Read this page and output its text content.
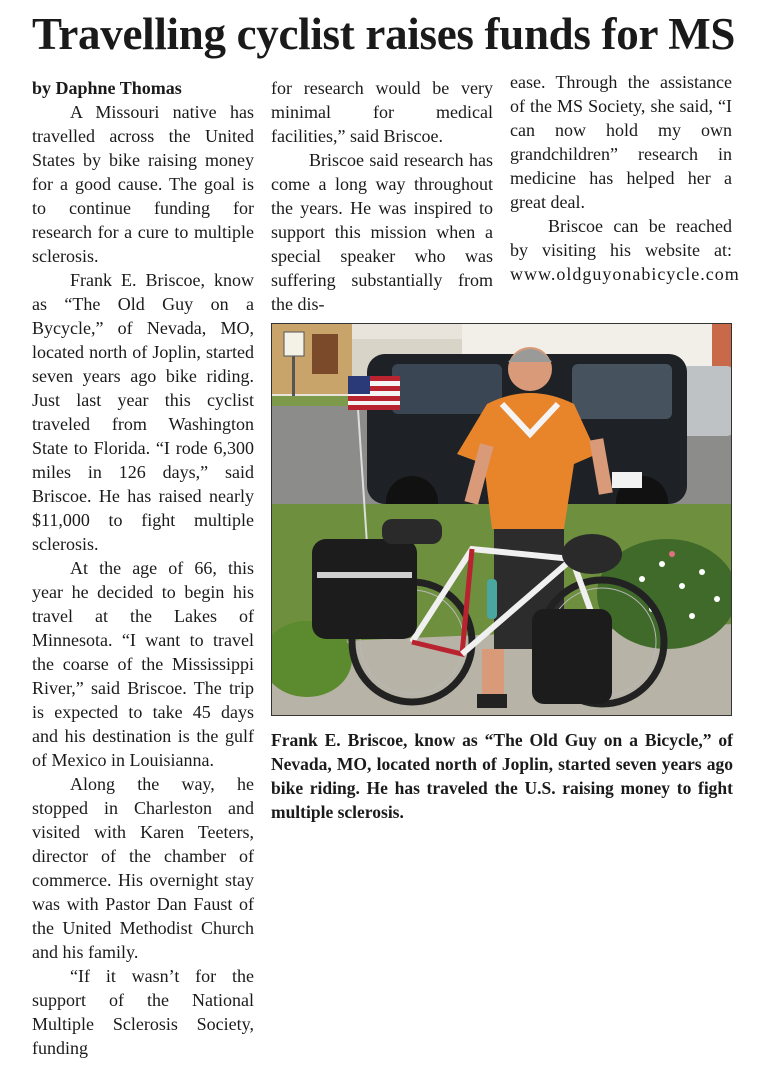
Travelling cyclist raises funds for MS

by Daphne Thomas

A Missouri native has travelled across the United States by bike raising money for a good cause. The goal is to continue funding for research for a cure to multiple sclerosis.

Frank E. Briscoe, know as “The Old Guy on a Bycycle,” of Nevada, MO, located north of Joplin, started seven years ago bike riding. Just last year this cyclist traveled from Washington State to Florida. “I rode 6,300 miles in 126 days,” said Briscoe. He has raised nearly $11,000 to fight multiple sclerosis.

At the age of 66, this year he decided to begin his travel at the Lakes of Minnesota. “I want to travel the coarse of the Mississippi River,” said Briscoe. The trip is expected to take 45 days and his destination is the gulf of Mexico in Louisianna.

Along the way, he stopped in Charleston and visited with Karen Teeters, director of the chamber of commerce. His overnight stay was with Pastor Dan Faust of the United Methodist Church and his family.

“If it wasn’t for the support of the National Multiple Sclerosis Society, funding

for research would be very minimal for medical facilities,” said Briscoe.

Briscoe said research has come a long way throughout the years. He was inspired to support this mission when a special speaker who was suffering substantially from the dis-

ease. Through the assistance of the MS Society, she said, “I can now hold my own grandchildren” research in medicine has helped her a great deal.

Briscoe can be reached by visiting his website at: www.oldguyonabicycle.com

Frank E. Briscoe, know as “The Old Guy on a Bicycle,” of Nevada, MO, located north of Joplin, started seven years ago bike riding. He has traveled the U.S. raising money to fight multiple sclerosis.
